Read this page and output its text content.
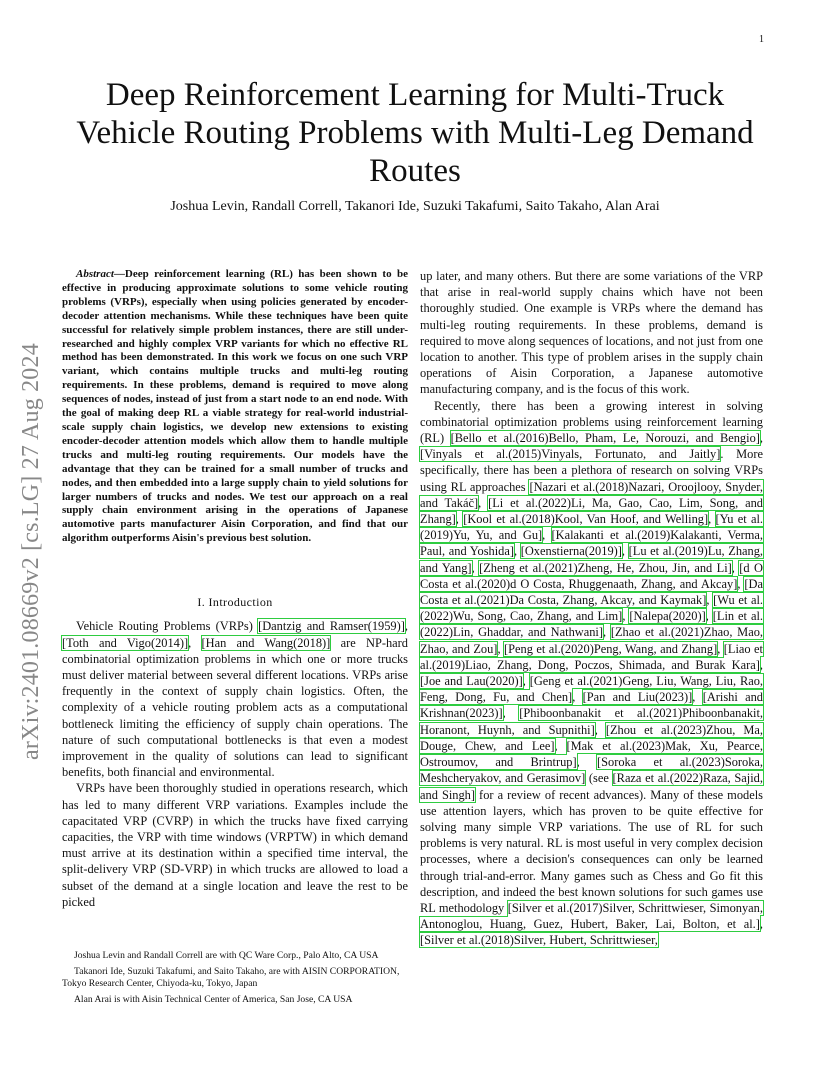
1
arXiv:2401.08669v2 [cs.LG] 27 Aug 2024
Deep Reinforcement Learning for Multi-Truck Vehicle Routing Problems with Multi-Leg Demand Routes
Joshua Levin, Randall Correll, Takanori Ide, Suzuki Takafumi, Saito Takaho, Alan Arai

Abstract—Deep reinforcement learning (RL) has been shown to be effective in producing approximate solutions to some vehicle routing problems (VRPs), especially when using policies generated by encoder-decoder attention mechanisms. While these techniques have been quite successful for relatively simple problem instances, there are still under-researched and highly complex VRP variants for which no effective RL method has been demonstrated. In this work we focus on one such VRP variant, which contains multiple trucks and multi-leg routing requirements. In these problems, demand is required to move along sequences of nodes, instead of just from a start node to an end node. With the goal of making deep RL a viable strategy for real-world industrial-scale supply chain logistics, we develop new extensions to existing encoder-decoder attention models which allow them to handle multiple trucks and multi-leg routing requirements. Our models have the advantage that they can be trained for a small number of trucks and nodes, and then embedded into a large supply chain to yield solutions for larger numbers of trucks and nodes. We test our approach on a real supply chain environment arising in the operations of Japanese automotive parts manufacturer Aisin Corporation, and find that our algorithm outperforms Aisin's previous best solution.

I. Introduction

Vehicle Routing Problems (VRPs) [Dantzig and Ramser(1959)], [Toth and Vigo(2014)], [Han and Wang(2018)] are NP-hard combinatorial optimization problems in which one or more trucks must deliver material between several different locations. VRPs arise frequently in the context of supply chain logistics. Often, the complexity of a vehicle routing problem acts as a computational bottleneck limiting the efficiency of supply chain operations. The nature of such computational bottlenecks is that even a modest improvement in the quality of solutions can lead to significant benefits, both financial and environmental.

VRPs have been thoroughly studied in operations research, which has led to many different VRP variations. Examples include the capacitated VRP (CVRP) in which the trucks have fixed carrying capacities, the VRP with time windows (VRPTW) in which demand must arrive at its destination within a specified time interval, the split-delivery VRP (SD-VRP) in which trucks are allowed to load a subset of the demand at a single location and leave the rest to be picked

Joshua Levin and Randall Correll are with QC Ware Corp., Palo Alto, CA USA

Takanori Ide, Suzuki Takafumi, and Saito Takaho, are with AISIN CORPORATION, Tokyo Research Center, Chiyoda-ku, Tokyo, Japan

Alan Arai is with Aisin Technical Center of America, San Jose, CA USA

up later, and many others. But there are some variations of the VRP that arise in real-world supply chains which have not been thoroughly studied. One example is VRPs where the demand has multi-leg routing requirements. In these problems, demand is required to move along sequences of locations, and not just from one location to another. This type of problem arises in the supply chain operations of Aisin Corporation, a Japanese automotive manufacturing company, and is the focus of this work.

Recently, there has been a growing interest in solving combinatorial optimization problems using reinforcement learning (RL) [Bello et al.(2016)Bello, Pham, Le, Norouzi, and Bengio], [Vinyals et al.(2015)Vinyals, Fortunato, and Jaitly]. More specifically, there has been a plethora of research on solving VRPs using RL approaches [Nazari et al.(2018)Nazari, Oroojlooy, Snyder, and Takáč], [Li et al.(2022)Li, Ma, Gao, Cao, Lim, Song, and Zhang], [Kool et al.(2018)Kool, Van Hoof, and Welling], [Yu et al.(2019)Yu, Yu, and Gu], [Kalakanti et al.(2019)Kalakanti, Verma, Paul, and Yoshida], [Oxenstierna(2019)], [Lu et al.(2019)Lu, Zhang, and Yang], [Zheng et al.(2021)Zheng, He, Zhou, Jin, and Li], [d O Costa et al.(2020)d O Costa, Rhuggenaath, Zhang, and Akcay], [Da Costa et al.(2021)Da Costa, Zhang, Akcay, and Kaymak], [Wu et al.(2022)Wu, Song, Cao, Zhang, and Lim], [Nalepa(2020)], [Lin et al.(2022)Lin, Ghaddar, and Nathwani], [Zhao et al.(2021)Zhao, Mao, Zhao, and Zou], [Peng et al.(2020)Peng, Wang, and Zhang], [Liao et al.(2019)Liao, Zhang, Dong, Poczos, Shimada, and Burak Kara], [Joe and Lau(2020)], [Geng et al.(2021)Geng, Liu, Wang, Liu, Rao, Feng, Dong, Fu, and Chen], [Pan and Liu(2023)], [Arishi and Krishnan(2023)], [Phiboonbanakit et al.(2021)Phiboonbanakit, Horanont, Huynh, and Supnithi], [Zhou et al.(2023)Zhou, Ma, Douge, Chew, and Lee], [Mak et al.(2023)Mak, Xu, Pearce, Ostroumov, and Brintrup], [Soroka et al.(2023)Soroka, Meshcheryakov, and Gerasimov] (see [Raza et al.(2022)Raza, Sajid, and Singh] for a review of recent advances). Many of these models use attention layers, which has proven to be quite effective for solving many simple VRP variations. The use of RL for such problems is very natural. RL is most useful in very complex decision processes, where a decision's consequences can only be learned through trial-and-error. Many games such as Chess and Go fit this description, and indeed the best known solutions for such games use RL methodology [Silver et al.(2017)Silver, Schrittwieser, Simonyan, Antonoglou, Huang, Guez, Hubert, Baker, Lai, Bolton, et al.], [Silver et al.(2018)Silver, Hubert, Schrittwieser,
